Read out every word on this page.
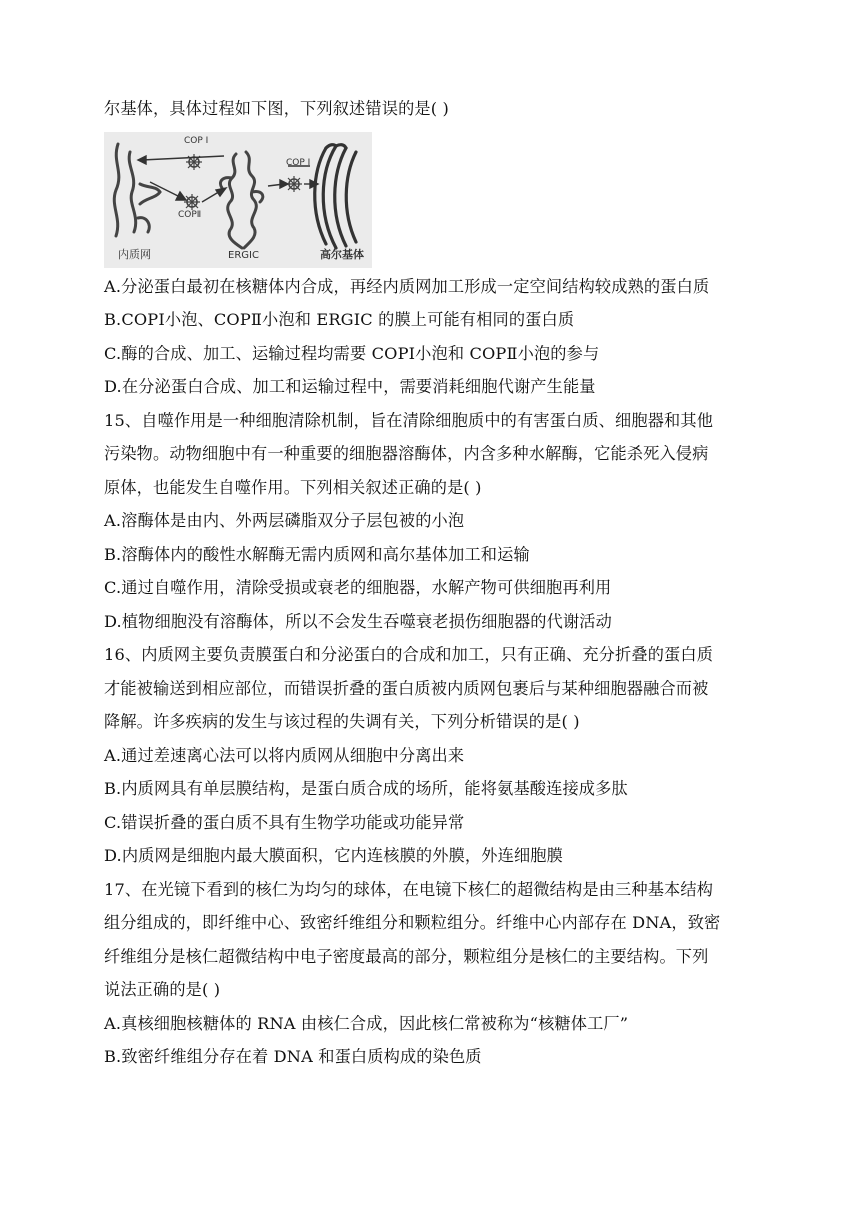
尔基体，具体过程如下图，下列叙述错误的是( )
COP I
COPⅡ
COP I
内质网	ERGIC	高尔基体
A.分泌蛋白最初在核糖体内合成，再经内质网加工形成一定空间结构较成熟的蛋白质
B.COPⅠ小泡、COPⅡ小泡和 ERGIC 的膜上可能有相同的蛋白质
C.酶的合成、加工、运输过程均需要 COPⅠ小泡和 COPⅡ小泡的参与
D.在分泌蛋白合成、加工和运输过程中，需要消耗细胞代谢产生能量
15、自噬作用是一种细胞清除机制，旨在清除细胞质中的有害蛋白质、细胞器和其他
污染物。动物细胞中有一种重要的细胞器溶酶体，内含多种水解酶，它能杀死入侵病
原体，也能发生自噬作用。下列相关叙述正确的是( )
A.溶酶体是由内、外两层磷脂双分子层包被的小泡
B.溶酶体内的酸性水解酶无需内质网和高尔基体加工和运输
C.通过自噬作用，清除受损或衰老的细胞器，水解产物可供细胞再利用
D.植物细胞没有溶酶体，所以不会发生吞噬衰老损伤细胞器的代谢活动
16、内质网主要负责膜蛋白和分泌蛋白的合成和加工，只有正确、充分折叠的蛋白质
才能被输送到相应部位，而错误折叠的蛋白质被内质网包裹后与某种细胞器融合而被
降解。许多疾病的发生与该过程的失调有关，下列分析错误的是( )
A.通过差速离心法可以将内质网从细胞中分离出来
B.内质网具有单层膜结构，是蛋白质合成的场所，能将氨基酸连接成多肽
C.错误折叠的蛋白质不具有生物学功能或功能异常
D.内质网是细胞内最大膜面积，它内连核膜的外膜，外连细胞膜
17、在光镜下看到的核仁为均匀的球体，在电镜下核仁的超微结构是由三种基本结构
组分组成的，即纤维中心、致密纤维组分和颗粒组分。纤维中心内部存在 DNA，致密
纤维组分是核仁超微结构中电子密度最高的部分，颗粒组分是核仁的主要结构。下列
说法正确的是( )
A.真核细胞核糖体的 RNA 由核仁合成，因此核仁常被称为“核糖体工厂”
B.致密纤维组分存在着 DNA 和蛋白质构成的染色质
